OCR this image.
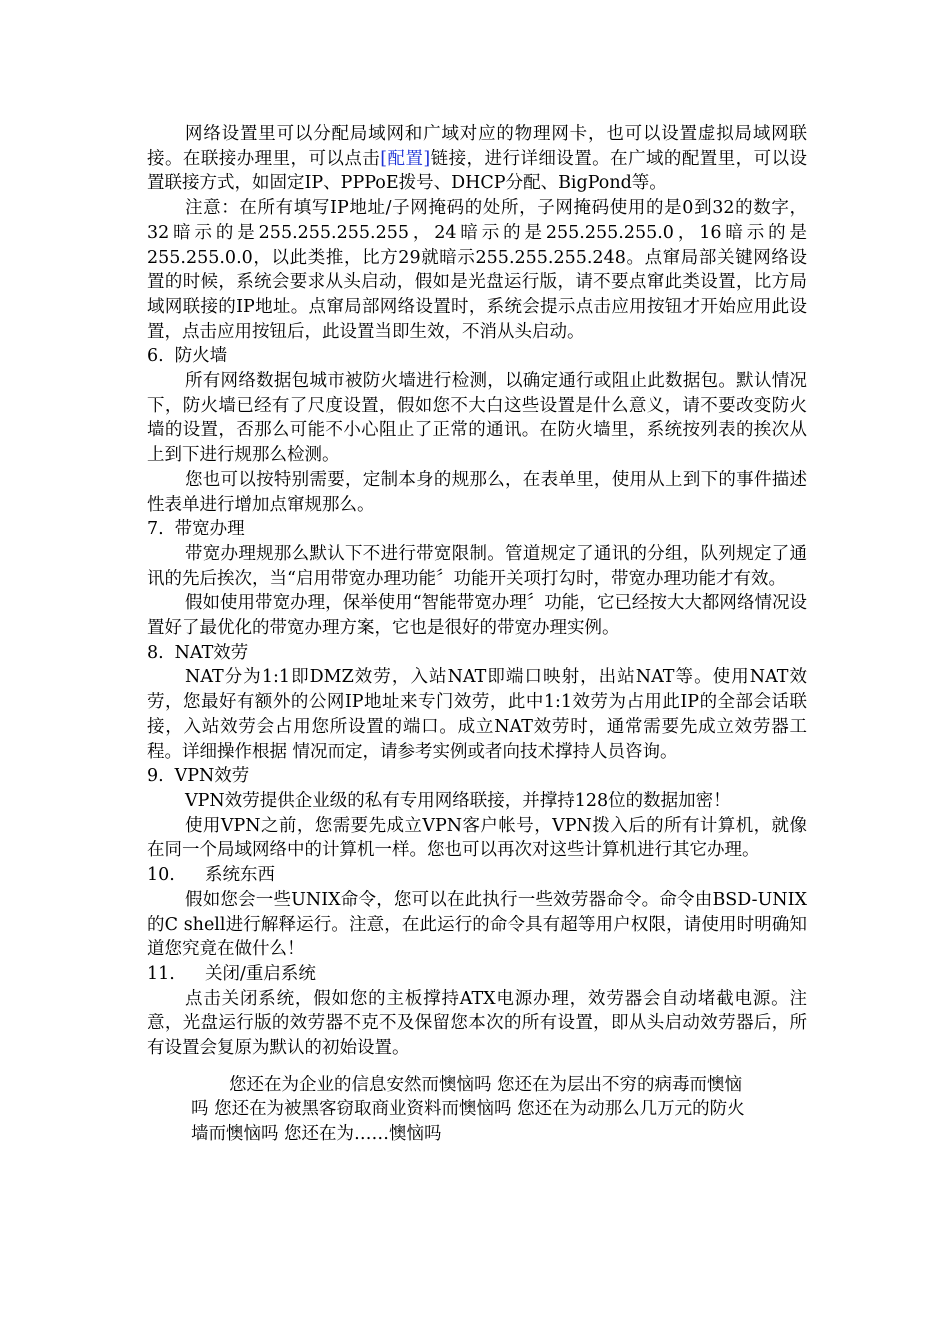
网络设置里可以分配局域网和广域对应的物理网卡，也可以设置虚拟局域网联接。在联接办理里，可以点击[配置]链接，进行详细设置。在广域的配置里，可以设置联接方式，如固定IP、PPPoE拨号、DHCP分配、BigPond等。

注意：在所有填写IP地址/子网掩码的处所，子网掩码使用的是0到32的数字，32暗示的是255.255.255.255，24暗示的是255.255.255.0，16暗示的是255.255.0.0，以此类推，比方29就暗示255.255.255.248。点窜局部关键网络设置的时候，系统会要求从头启动，假如是光盘运行版，请不要点窜此类设置，比方局域网联接的IP地址。点窜局部网络设置时，系统会提示点击应用按钮才开始应用此设置，点击应用按钮后，此设置当即生效，不消从头启动。

6. 防火墙

所有网络数据包城市被防火墙进行检测，以确定通行或阻止此数据包。默认情况下，防火墙已经有了尺度设置，假如您不大白这些设置是什么意义，请不要改变防火墙的设置，否那么可能不小心阻止了正常的通讯。在防火墙里，系统按列表的挨次从上到下进行规那么检测。

您也可以按特别需要，定制本身的规那么，在表单里，使用从上到下的事件描述性表单进行增加点窜规那么。

7. 带宽办理

带宽办理规那么默认下不进行带宽限制。管道规定了通讯的分组，队列规定了通讯的先后挨次，当“启用带宽办理功能〞功能开关项打勾时，带宽办理功能才有效。

假如使用带宽办理，保举使用“智能带宽办理〞功能，它已经按大大都网络情况设置好了最优化的带宽办理方案，它也是很好的带宽办理实例。

8. NAT效劳

NAT分为1:1即DMZ效劳，入站NAT即端口映射，出站NAT等。使用NAT效劳，您最好有额外的公网IP地址来专门效劳，此中1:1效劳为占用此IP的全部会话联接，入站效劳会占用您所设置的端口。成立NAT效劳时，通常需要先成立效劳器工程。详细操作根据 情况而定，请参考实例或者向技术撑持人员咨询。

9. VPN效劳

VPN效劳提供企业级的私有专用网络联接，并撑持128位的数据加密！

使用VPN之前，您需要先成立VPN客户帐号，VPN拨入后的所有计算机，就像在同一个局域网络中的计算机一样。您也可以再次对这些计算机进行其它办理。

10. 系统东西

假如您会一些UNIX命令，您可以在此执行一些效劳器命令。命令由BSD-UNIX的C shell进行解释运行。注意，在此运行的命令具有超等用户权限，请使用时明确知道您究竟在做什么！

11. 关闭/重启系统

点击关闭系统，假如您的主板撑持ATX电源办理，效劳器会自动堵截电源。注意，光盘运行版的效劳器不克不及保留您本次的所有设置，即从头启动效劳器后，所有设置会复原为默认的初始设置。

您还在为企业的信息安然而懊恼吗 您还在为层出不穷的病毒而懊恼
吗 您还在为被黑客窃取商业资料而懊恼吗 您还在为动那么几万元的防火
墙而懊恼吗 您还在为……懊恼吗
